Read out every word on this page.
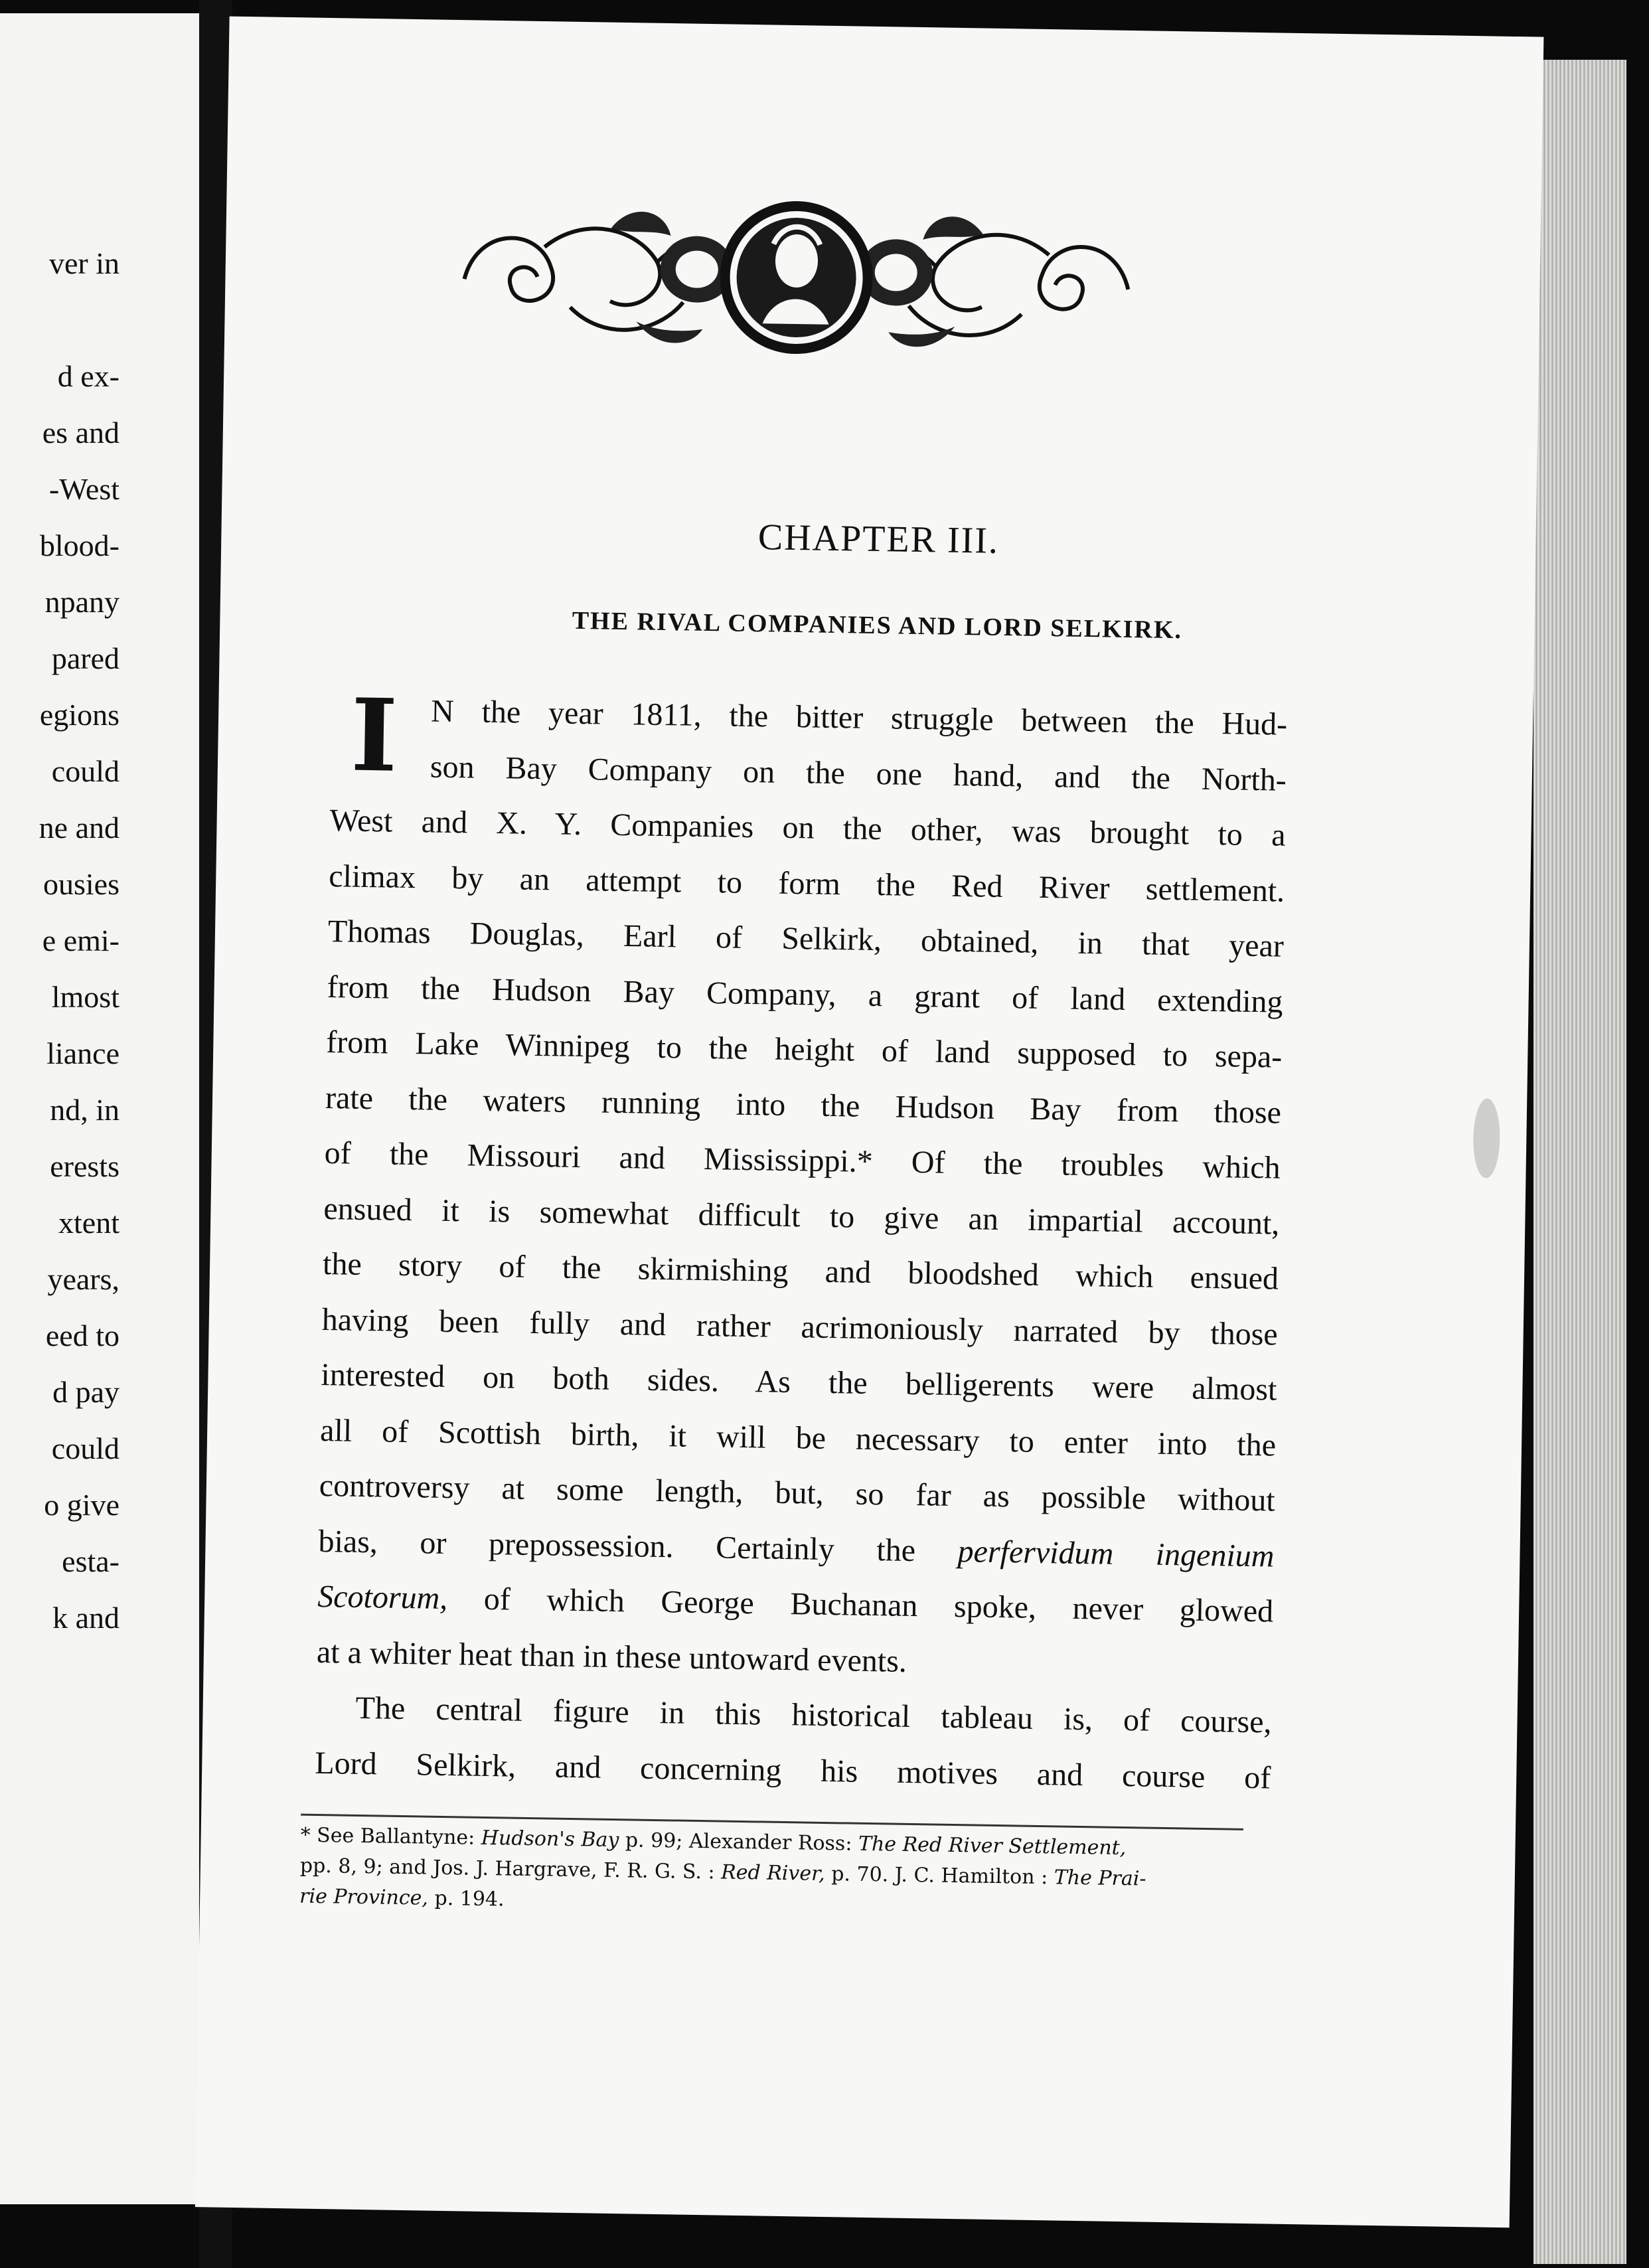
ver in
d ex-
es and
-West
blood-
npany
pared
egions
could
ne and
ousies
e emi-
lmost
liance
nd, in
erests
xtent
years,
eed to
d pay
could
o give
esta-
k and
CHAPTER III.
THE RIVAL COMPANIES AND LORD SELKIRK.
I	N the year 1811, the bitter struggle between the Hud-
son Bay Company on the one hand, and the North-
West and X. Y. Companies on the other, was brought to a
climax by an attempt to form the Red River settlement.
Thomas Douglas, Earl of Selkirk, obtained, in that year
from the Hudson Bay Company, a grant of land extending
from Lake Winnipeg to the height of land supposed to sepa-
rate the waters running into the Hudson Bay from those
of the Missouri and Mississippi.* Of the troubles which
ensued it is somewhat difficult to give an impartial account,
the story of the skirmishing and bloodshed which ensued
having been fully and rather acrimoniously narrated by those
interested on both sides. As the belligerents were almost
all of Scottish birth, it will be necessary to enter into the
controversy at some length, but, so far as possible without
bias, or prepossession. Certainly the perfervidum ingenium
Scotorum, of which George Buchanan spoke, never glowed
at a whiter heat than in these untoward events.
The central figure in this historical tableau is, of course,
Lord Selkirk, and concerning his motives and course of
* See Ballantyne: Hudson's Bay p. 99; Alexander Ross: The Red River Settlement,
pp. 8, 9; and Jos. J. Hargrave, F. R. G. S. : Red River, p. 70. J. C. Hamilton : The Prai-
rie Province, p. 194.
